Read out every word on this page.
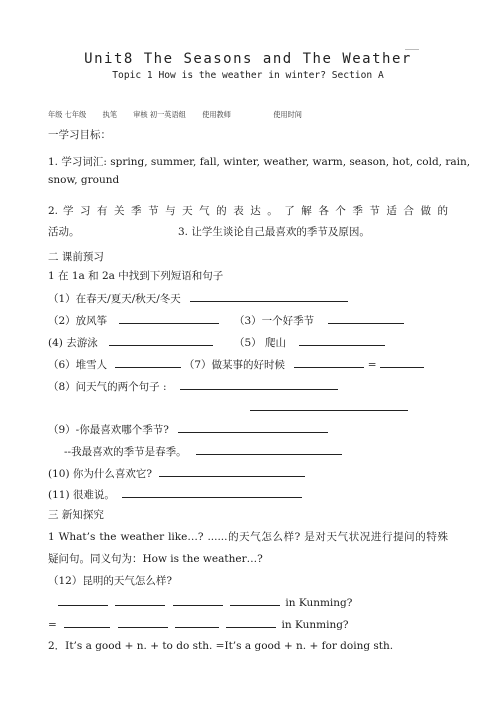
Unit8 The Seasons and The Weather
Topic 1 How is the weather in winter? Section A
年级 七年级 执笔 审核 初一英语组 使用教师	使用时间
一学习目标：
1. 学习词汇: spring, summer, fall, winter, weather, warm, season, hot, cold, rain,
snow, ground
2. 学 习 有 关 季 节 与 天 气 的 表 达 。 了 解 各 个 季 节 适 合 做 的
活动。	3. 让学生谈论自己最喜欢的季节及原因。
二 课前预习
1 在 1a 和 2a 中找到下列短语和句子
（1）在春天/夏天/秋天/冬天
（2）放风筝	（3）一个好季节
(4) 去游泳	（5） 爬山
（6）堆雪人	（7）做某事的好时候	=
（8）问天气的两个句子 :
（9）-你最喜欢哪个季节?
--我最喜欢的季节是春季。
(10) 你为什么喜欢它?
(11) 很难说。
三 新知探究
1 What’s the weather like…? ......的天气怎么样? 是对天气状况进行提问的特殊
疑问句。同义句为：How is the weather…?
（12）昆明的天气怎么样?
in Kunming?
=	in Kunming?
2．It’s a good + n. + to do sth. =It’s a good + n. + for doing sth.
